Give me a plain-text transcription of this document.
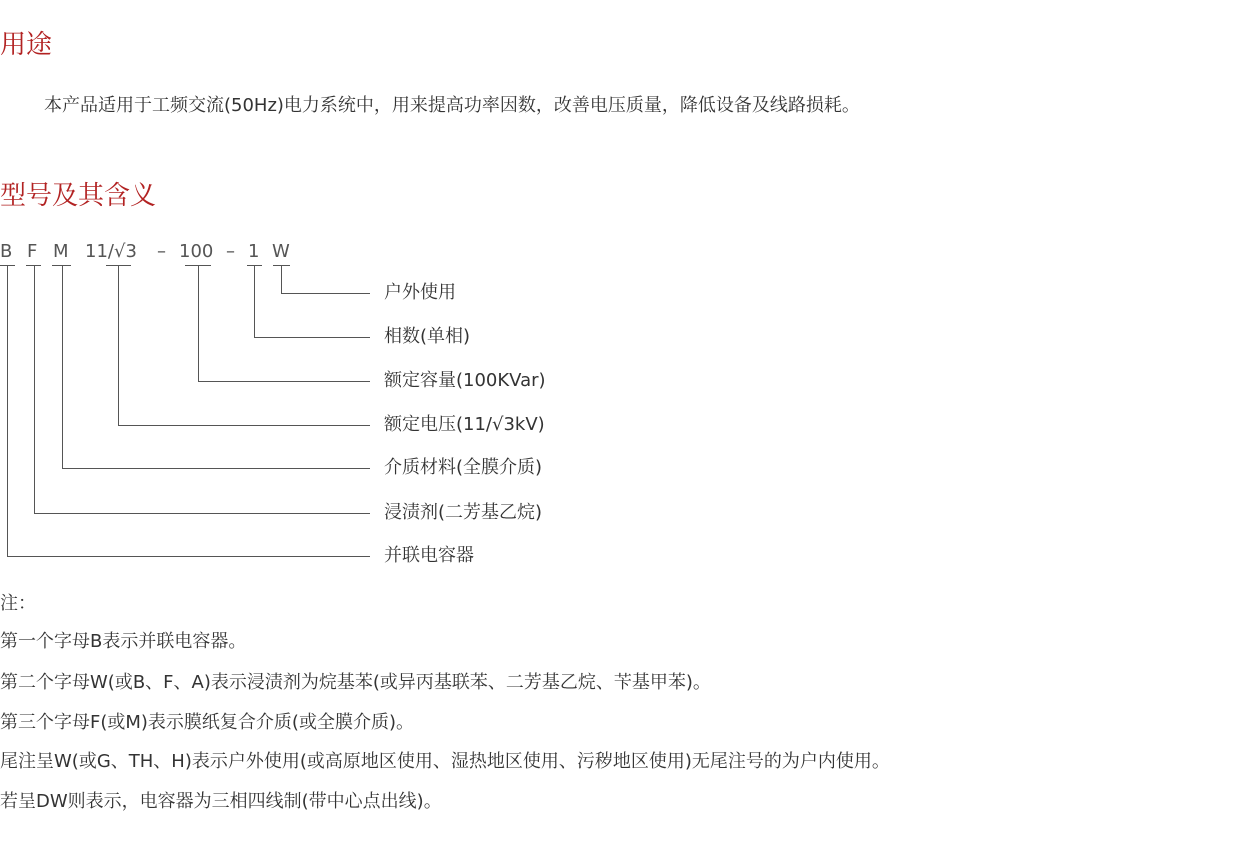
用途
本产品适用于工频交流(50Hz)电力系统中，用来提高功率因数，改善电压质量，降低设备及线路损耗。
型号及其含义
B F M 11/√3 – 100 – 1 W
户外使用
相数(单相)
额定容量(100KVar)
额定电压(11/√3kV)
介质材料(全膜介质)
浸渍剂(二芳基乙烷)
并联电容器
注：
第一个字母B表示并联电容器。
第二个字母W(或B、F、A)表示浸渍剂为烷基苯(或异丙基联苯、二芳基乙烷、苄基甲苯)。
第三个字母F(或M)表示膜纸复合介质(或全膜介质)。
尾注呈W(或G、TH、H)表示户外使用(或高原地区使用、湿热地区使用、污秽地区使用)无尾注号的为户内使用。
若呈DW则表示，电容器为三相四线制(带中心点出线)。
